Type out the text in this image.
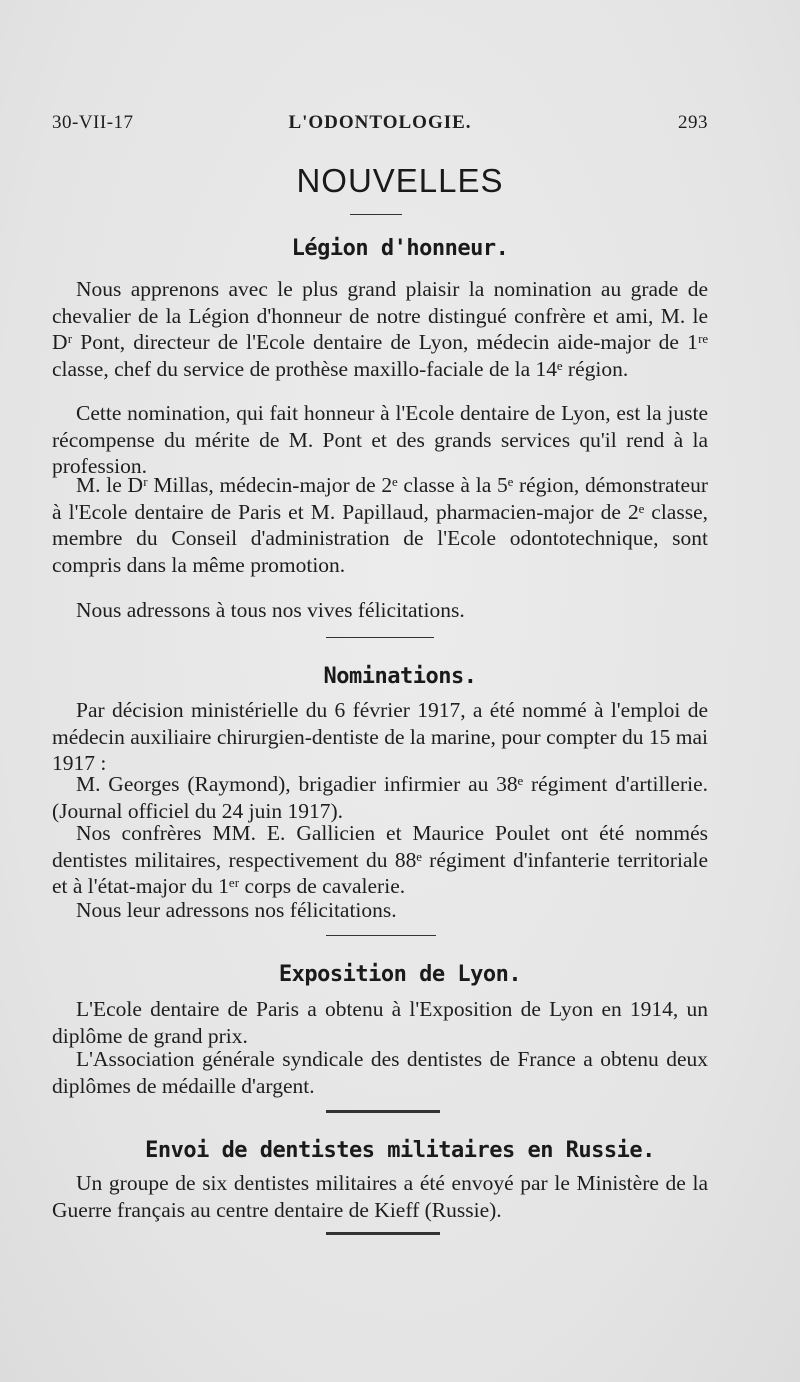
30-VII-17	L'ODONTOLOGIE.	293
NOUVELLES
Légion d'honneur.

Nous apprenons avec le plus grand plaisir la nomination au grade de chevalier de la Légion d'honneur de notre distingué confrère et ami, M. le Dʳ Pont, directeur de l'Ecole dentaire de Lyon, médecin aide-major de 1ʳᵉ classe, chef du service de prothèse maxillo-faciale de la 14ᵉ région.

Cette nomination, qui fait honneur à l'Ecole dentaire de Lyon, est la juste récompense du mérite de M. Pont et des grands services qu'il rend à la profession.

M. le Dʳ Millas, médecin-major de 2ᵉ classe à la 5ᵉ région, démonstrateur à l'Ecole dentaire de Paris et M. Papillaud, pharmacien-major de 2ᵉ classe, membre du Conseil d'administration de l'Ecole odontotechnique, sont compris dans la même promotion.

Nous adressons à tous nos vives félicitations.

Nominations.

Par décision ministérielle du 6 février 1917, a été nommé à l'emploi de médecin auxiliaire chirurgien-dentiste de la marine, pour compter du 15 mai 1917 :

M. Georges (Raymond), brigadier infirmier au 38ᵉ régiment d'artillerie. (Journal officiel du 24 juin 1917).

Nos confrères MM. E. Gallicien et Maurice Poulet ont été nommés dentistes militaires, respectivement du 88ᵉ régiment d'infanterie territoriale et à l'état-major du 1ᵉʳ corps de cavalerie.

Nous leur adressons nos félicitations.

Exposition de Lyon.

L'Ecole dentaire de Paris a obtenu à l'Exposition de Lyon en 1914, un diplôme de grand prix.

L'Association générale syndicale des dentistes de France a obtenu deux diplômes de médaille d'argent.

Envoi de dentistes militaires en Russie.

Un groupe de six dentistes militaires a été envoyé par le Ministère de la Guerre français au centre dentaire de Kieff (Russie).
